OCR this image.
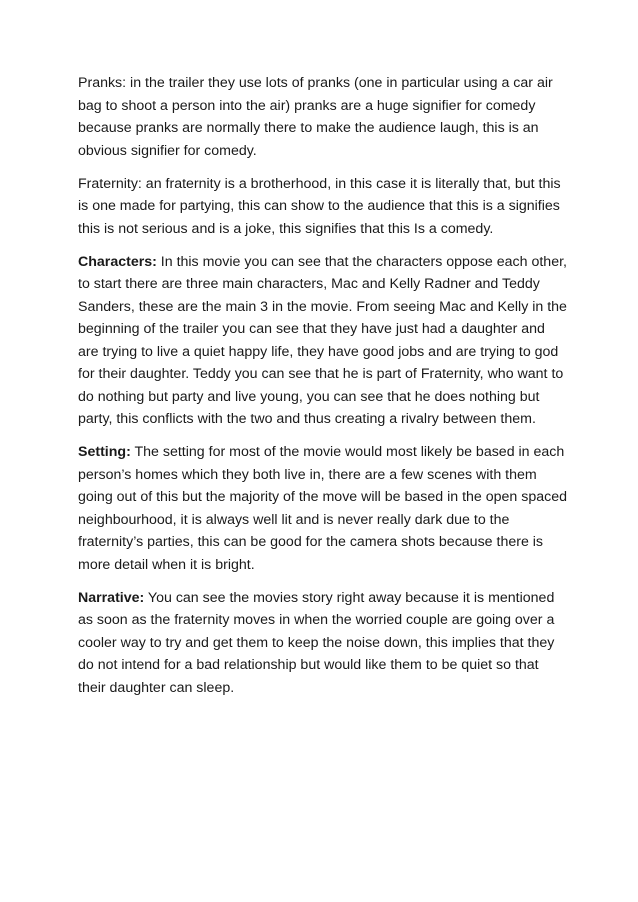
Pranks: in the trailer they use lots of pranks (one in particular using a car air bag to shoot a person into the air) pranks are a huge signifier for comedy because pranks are normally there to make the audience laugh, this is an obvious signifier for comedy.

Fraternity: an fraternity is a brotherhood, in this case it is literally that, but this is one made for partying, this can show to the audience that this is a signifies this is not serious and is a joke, this signifies that this Is a comedy.

Characters: In this movie you can see that the characters oppose each other, to start there are three main characters, Mac and Kelly Radner and Teddy Sanders, these are the main 3 in the movie. From seeing Mac and Kelly in the beginning of the trailer you can see that they have just had a daughter and are trying to live a quiet happy life, they have good jobs and are trying to god for their daughter. Teddy you can see that he is part of Fraternity, who want to do nothing but party and live young, you can see that he does nothing but party, this conflicts with the two and thus creating a rivalry between them.

Setting: The setting for most of the movie would most likely be based in each person’s homes which they both live in, there are a few scenes with them going out of this but the majority of the move will be based in the open spaced neighbourhood, it is always well lit and is never really dark due to the fraternity’s parties, this can be good for the camera shots because there is more detail when it is bright.

Narrative: You can see the movies story right away because it is mentioned as soon as the fraternity moves in when the worried couple are going over a cooler way to try and get them to keep the noise down, this implies that they do not intend for a bad relationship but would like them to be quiet so that their daughter can sleep.
